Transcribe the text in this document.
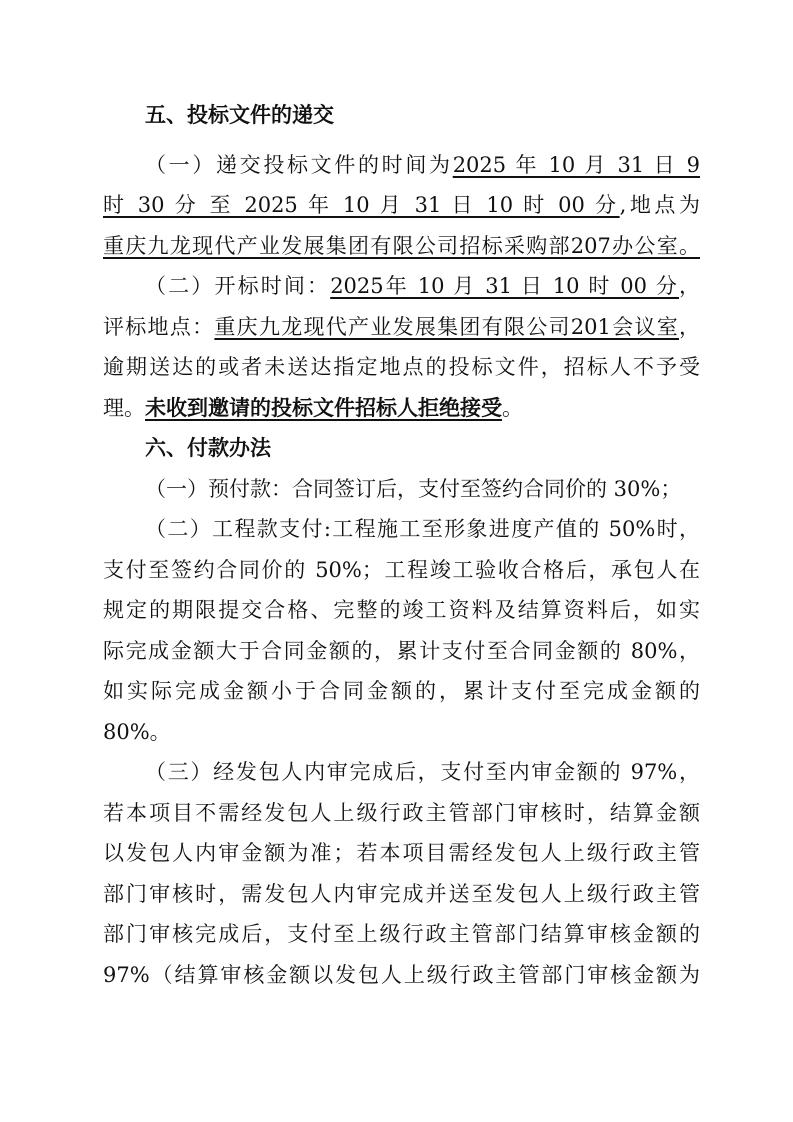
五、投标文件的递交
（一）递交投标文件的时间为2025 年 10 月 31 日 9
时 30 分 至 2025 年 10 月 31 日 10 时 00 分,地点为
重庆九龙现代产业发展集团有限公司招标采购部207办公室。
（二）开标时间：2025年 10 月 31 日 10 时 00 分，
评标地点：重庆九龙现代产业发展集团有限公司201会议室，
逾期送达的或者未送达指定地点的投标文件，招标人不予受
理。未收到邀请的投标文件招标人拒绝接受。
六、付款办法
（一）预付款：合同签订后，支付至签约合同价的 30%；
（二）工程款支付:工程施工至形象进度产值的 50%时，
支付至签约合同价的 50%；工程竣工验收合格后，承包人在
规定的期限提交合格、完整的竣工资料及结算资料后，如实
际完成金额大于合同金额的，累计支付至合同金额的 80%，
如实际完成金额小于合同金额的，累计支付至完成金额的
80%。
（三）经发包人内审完成后，支付至内审金额的 97%，
若本项目不需经发包人上级行政主管部门审核时，结算金额
以发包人内审金额为准；若本项目需经发包人上级行政主管
部门审核时，需发包人内审完成并送至发包人上级行政主管
部门审核完成后，支付至上级行政主管部门结算审核金额的
97%（结算审核金额以发包人上级行政主管部门审核金额为
